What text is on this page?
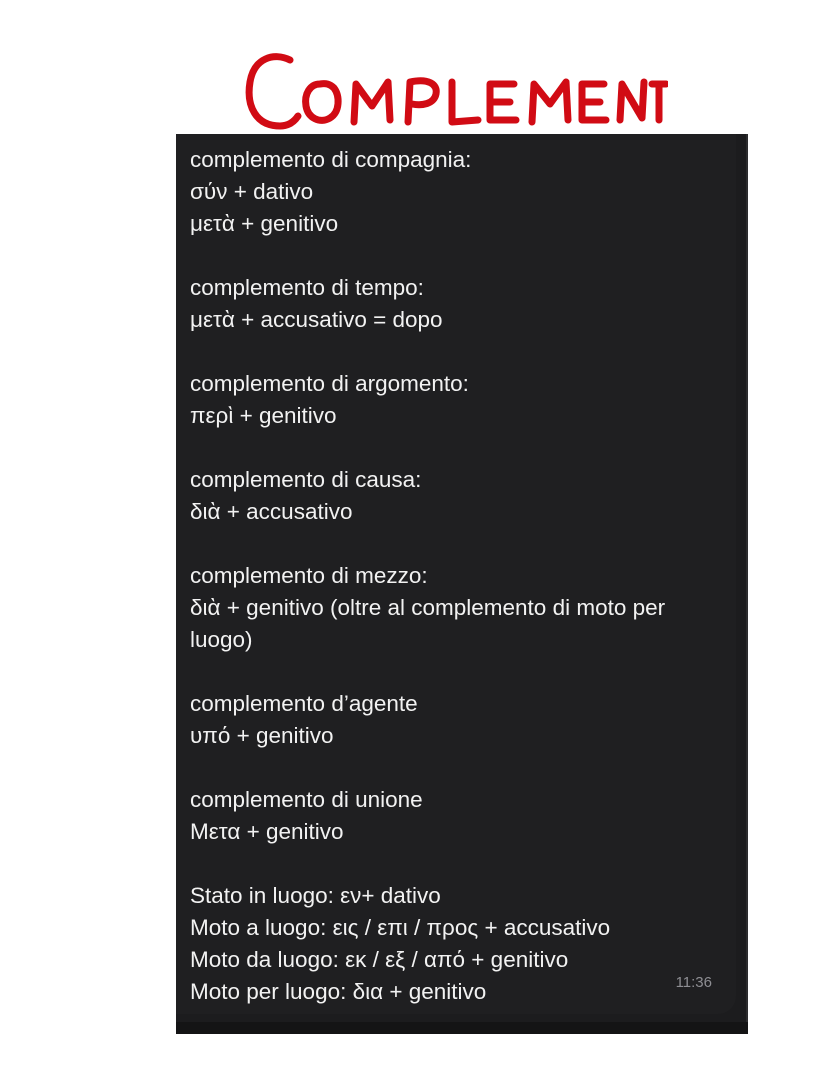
complemento di compagnia:
σύν + dativo
μετὰ + genitivo
complemento di tempo:
μετὰ + accusativo = dopo
complemento di argomento:
περὶ + genitivo
complemento di causa:
διὰ + accusativo
complemento di mezzo:
διὰ + genitivo (oltre al complemento di moto per luogo)
complemento d’agente
υπό + genitivo
complemento di unione
Μετα + genitivo
Stato in luogo: εν+ dativo
Moto a luogo: εις / επι / προς + accusativo
Moto da luogo: εκ / εξ / από + genitivo
Moto per luogo: δια + genitivo	11:36
